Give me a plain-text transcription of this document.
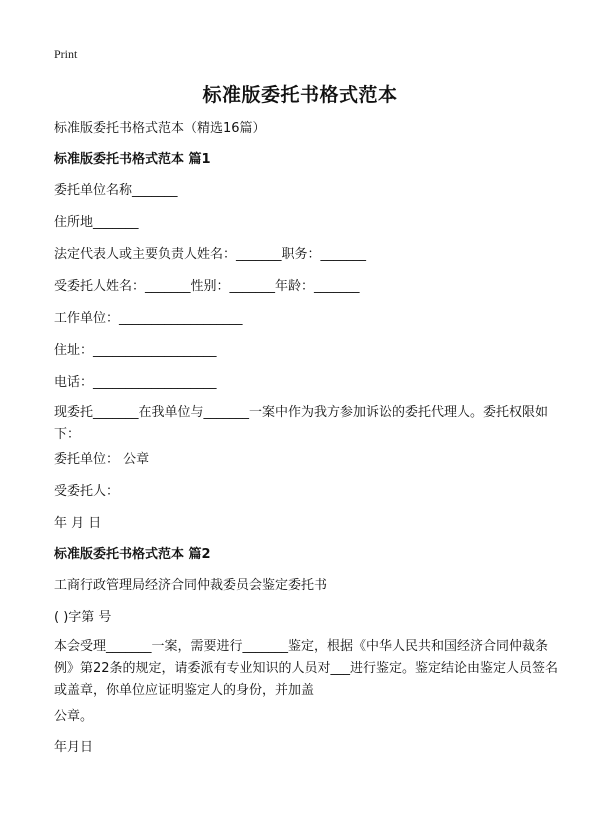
Print
标准版委托书格式范本
标准版委托书格式范本（精选16篇）
标准版委托书格式范本 篇1
委托单位名称_______
住所地_______
法定代表人或主要负责人姓名：_______职务：_______
受委托人姓名：_______性别：_______年龄：_______
工作单位：___________________
住址：___________________
电话：___________________
现委托_______在我单位与_______一案中作为我方参加诉讼的委托代理人。委托权限如下：
委托单位： 公章
受委托人：
年 月 日
标准版委托书格式范本 篇2
工商行政管理局经济合同仲裁委员会鉴定委托书
( )字第 号
本会受理_______一案，需要进行_______鉴定，根据《中华人民共和国经济合同仲裁条例》第22条的规定，请委派有专业知识的人员对___进行鉴定。鉴定结论由鉴定人员签名或盖章，你单位应证明鉴定人的身份，并加盖
公章。
年月日
